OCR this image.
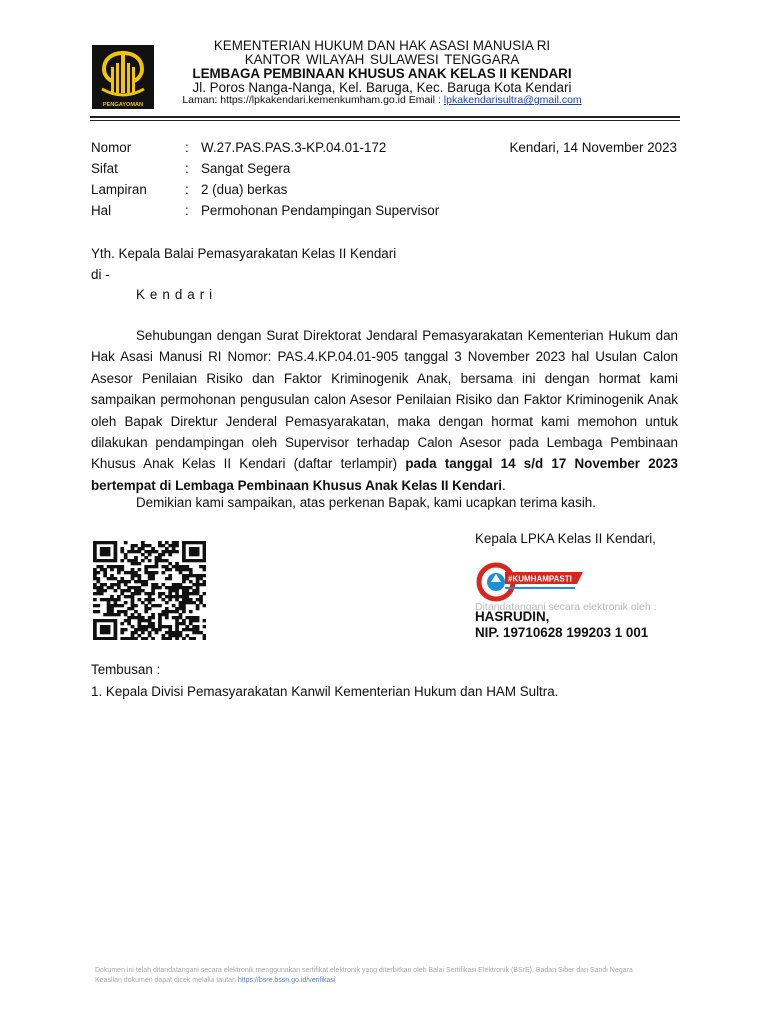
PENGAYOMAN
KEMENTERIAN HUKUM DAN HAK ASASI MANUSIA RI
KANTOR WILAYAH SULAWESI TENGGARA
LEMBAGA PEMBINAAN KHUSUS ANAK KELAS II KENDARI
Jl. Poros Nanga-Nanga, Kel. Baruga, Kec. Baruga Kota Kendari
Laman: https://lpkakendari.kemenkumham.go.id Email : lpkakendarisultra@gmail.com
Nomor	: W.27.PAS.PAS.3-KP.04.01-172
Sifat	: Sangat Segera
Lampiran	: 2 (dua) berkas
Hal	: Permohonan Pendampingan Supervisor
Kendari, 14 November 2023
Yth. Kepala Balai Pemasyarakatan Kelas II Kendari
di -
Kendari
Sehubungan dengan Surat Direktorat Jendaral Pemasyarakatan Kementerian Hukum dan Hak Asasi Manusi RI Nomor: PAS.4.KP.04.01-905 tanggal 3 November 2023 hal Usulan Calon Asesor Penilaian Risiko dan Faktor Kriminogenik Anak, bersama ini dengan hormat kami sampaikan permohonan pengusulan calon Asesor Penilaian Risiko dan Faktor Kriminogenik Anak oleh Bapak Direktur Jenderal Pemasyarakatan, maka dengan hormat kami memohon untuk dilakukan pendampingan oleh Supervisor terhadap Calon Asesor pada Lembaga Pembinaan Khusus Anak Kelas II Kendari (daftar terlampir) pada tanggal 14 s/d 17 November 2023 bertempat di Lembaga Pembinaan Khusus Anak Kelas II Kendari.
Demikian kami sampaikan, atas perkenan Bapak, kami ucapkan terima kasih.
Kepala LPKA Kelas II Kendari,
#KUMHAMPASTI
Ditandatangani secara elektronik oleh :
HASRUDIN,
NIP. 19710628 199203 1 001
Tembusan :
1. Kepala Divisi Pemasyarakatan Kanwil Kementerian Hukum dan HAM Sultra.
Dokumen ini telah ditandatangani secara elektronik menggunakan sertifikat elektronik yang diterbitkan oleh Balai Sertifikasi Elektronik (BSrE), Badan Siber dan Sandi Negara
Keaslian dokumen dapat dicek melalui tautan https://bsre.bssn.go.id/verifikasi
